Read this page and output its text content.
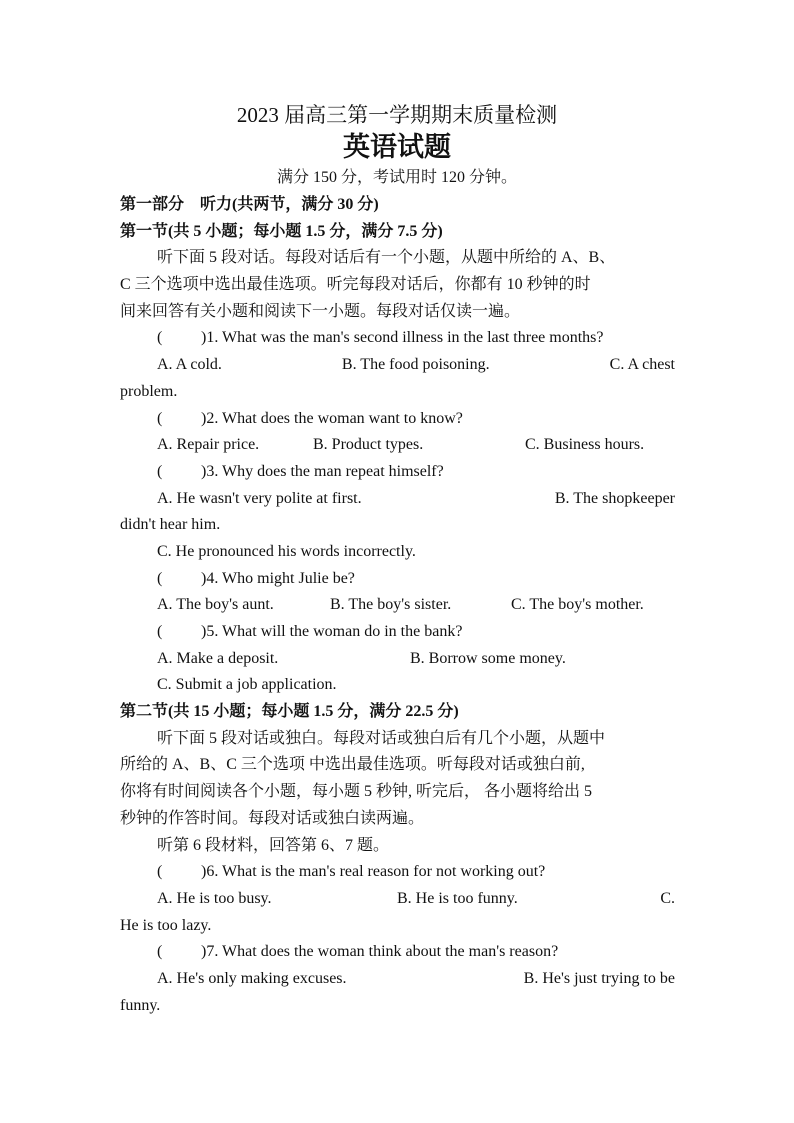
2023 届高三第一学期期末质量检测
英语试题
满分 150 分，考试用时 120 分钟。
第一部分　听力(共两节，满分 30 分)
第一节(共 5 小题；每小题 1.5 分，满分 7.5 分)
听下面 5 段对话。每段对话后有一个小题，从题中所给的 A、B、
C 三个选项中选出最佳选项。听完每段对话后，你都有 10 秒钟的时
间来回答有关小题和阅读下一小题。每段对话仅读一遍。
( )1. What was the man's second illness in the last three months?
A. A cold.	B. The food poisoning.	C. A chest
problem.
( )2. What does the woman want to know?
A. Repair price.	B. Product types.	C. Business hours.
( )3. Why does the man repeat himself?
A. He wasn't very polite at first.	B. The shopkeeper
didn't hear him.
C. He pronounced his words incorrectly.
( )4. Who might Julie be?
A. The boy's aunt.	B. The boy's sister.	C. The boy's mother.
( )5. What will the woman do in the bank?
A. Make a deposit.	B. Borrow some money.
C. Submit a job application.
第二节(共 15 小题；每小题 1.5 分，满分 22.5 分)
听下面 5 段对话或独白。每段对话或独白后有几个小题，从题中
所给的 A、B、C 三个选项 中选出最佳选项。听每段对话或独白前,
你将有时间阅读各个小题，每小题 5 秒钟, 听完后， 各小题将给出 5
秒钟的作答时间。每段对话或独白读两遍。
听第 6 段材料，回答第 6、7 题。
( )6. What is the man's real reason for not working out?
A. He is too busy.	B. He is too funny.	C.
He is too lazy.
( )7. What does the woman think about the man's reason?
A. He's only making excuses.	B. He's just trying to be
funny.
